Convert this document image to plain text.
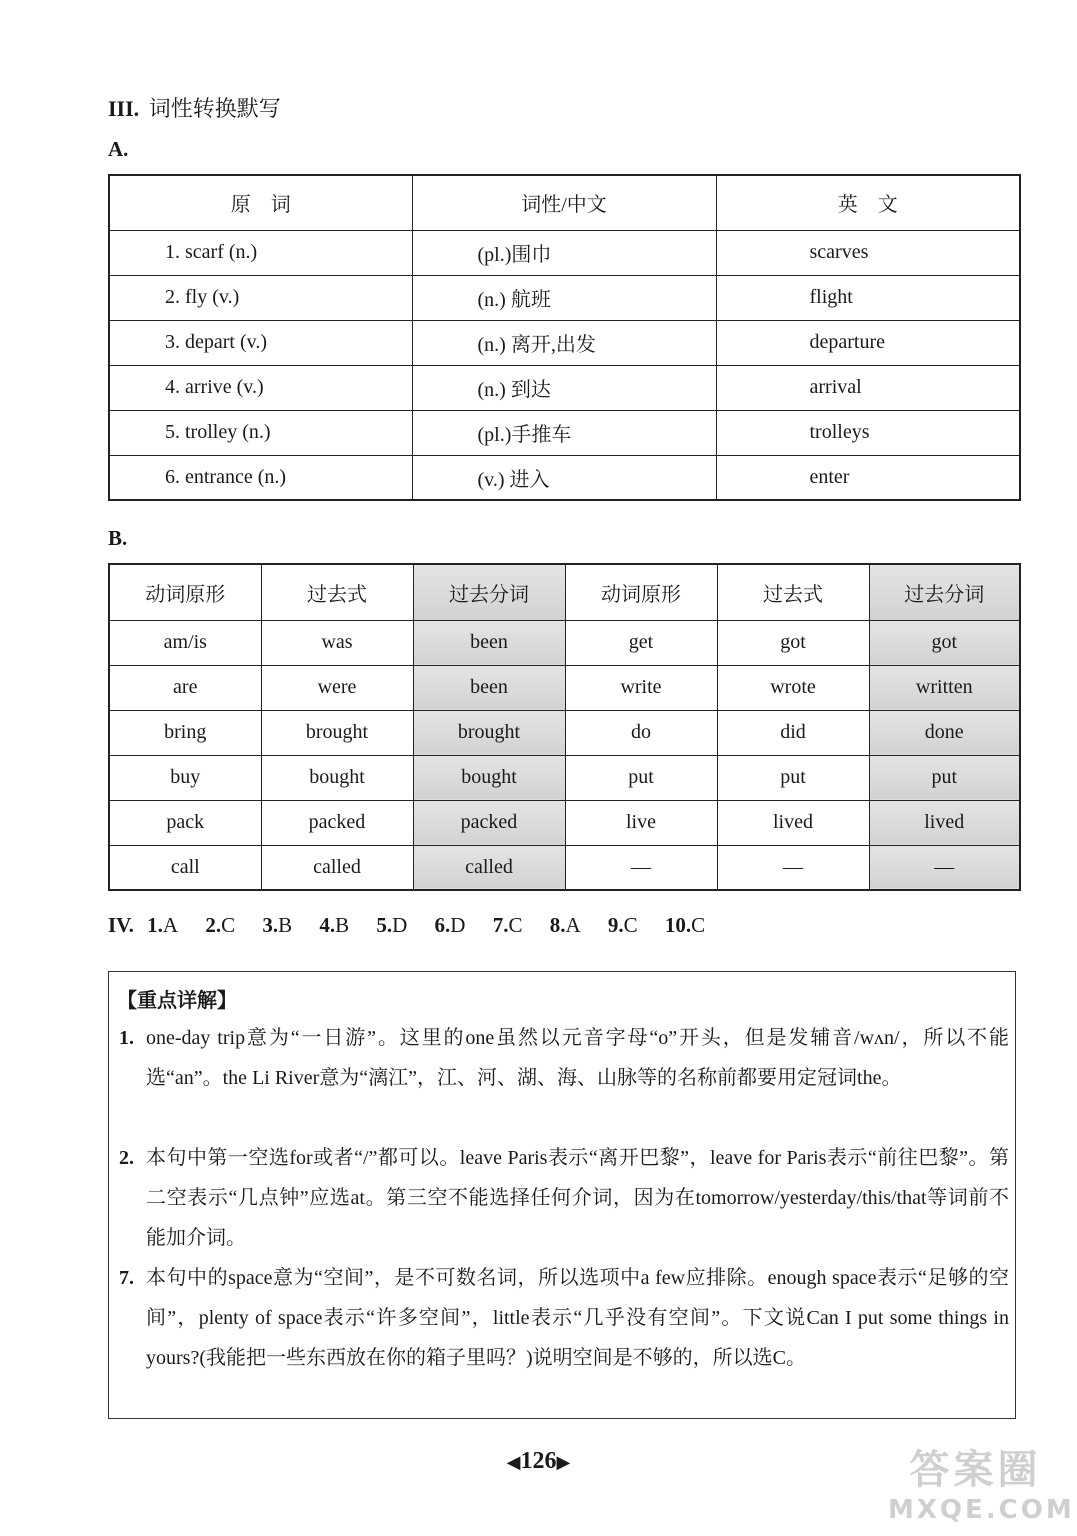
III. 词性转换默写
A.
原　词	词性/中文	英　文
1. scarf (n.)	(pl.)围巾	scarves
2. fly (v.)	(n.) 航班	flight
3. depart (v.)	(n.) 离开,出发	departure
4. arrive (v.)	(n.) 到达	arrival
5. trolley (n.)	(pl.)手推车	trolleys
6. entrance (n.)	(v.) 进入	enter
B.
动词原形	过去式	过去分词	动词原形	过去式	过去分词
am/is	was	been	get	got	got
are	were	been	write	wrote	written
bring	brought	brought	do	did	done
buy	bought	bought	put	put	put
pack	packed	packed	live	lived	lived
call	called	called	—	—	—
IV. 1.A 2.C 3.B 4.B 5.D 6.D 7.C 8.A 9.C 10.C
【重点详解】
1. one-day trip意为“一日游”。这里的one虽然以元音字母“o”开头，但是发辅音/wʌn/，所以不能选“an”。the Li River意为“漓江”，江、河、湖、海、山脉等的名称前都要用定冠词the。
2. 本句中第一空选for或者“/”都可以。leave Paris表示“离开巴黎”，leave for Paris表示“前往巴黎”。第二空表示“几点钟”应选at。第三空不能选择任何介词，因为在tomorrow/yesterday/this/that等词前不能加介词。
7. 本句中的space意为“空间”，是不可数名词，所以选项中a few应排除。enough space表示“足够的空间”，plenty of space表示“许多空间”，little表示“几乎没有空间”。下文说Can I put some things in yours?(我能把一些东西放在你的箱子里吗？)说明空间是不够的，所以选C。
◀126▶	答案圈
MXQE.COM
